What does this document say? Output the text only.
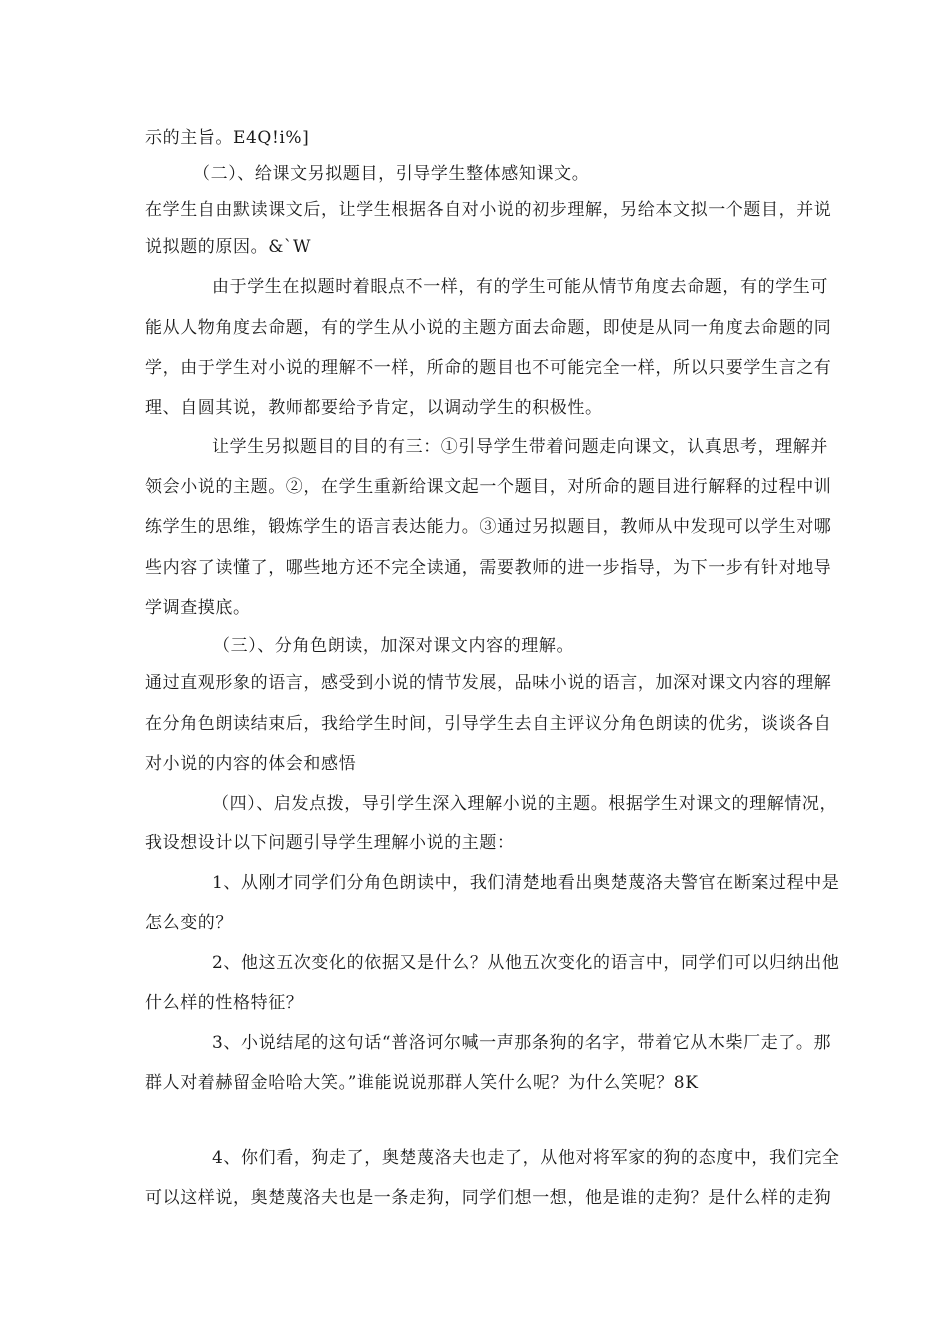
示的主旨。E4Q!i%]
（二）、给课文另拟题目，引导学生整体感知课文。
在学生自由默读课文后，让学生根据各自对小说的初步理解，另给本文拟一个题目，并说
说拟题的原因。&`W
由于学生在拟题时着眼点不一样，有的学生可能从情节角度去命题，有的学生可
能从人物角度去命题，有的学生从小说的主题方面去命题，即使是从同一角度去命题的同
学，由于学生对小说的理解不一样，所命的题目也不可能完全一样，所以只要学生言之有
理、自圆其说，教师都要给予肯定，以调动学生的积极性。
让学生另拟题目的目的有三：①引导学生带着问题走向课文，认真思考，理解并
领会小说的主题。②，在学生重新给课文起一个题目，对所命的题目进行解释的过程中训
练学生的思维，锻炼学生的语言表达能力。③通过另拟题目，教师从中发现可以学生对哪
些内容了读懂了，哪些地方还不完全读通，需要教师的进一步指导，为下一步有针对地导
学调查摸底。
（三）、分角色朗读，加深对课文内容的理解。
通过直观形象的语言，感受到小说的情节发展，品味小说的语言，加深对课文内容的理解
在分角色朗读结束后，我给学生时间，引导学生去自主评议分角色朗读的优劣，谈谈各自
对小说的内容的体会和感悟
（四）、启发点拨，导引学生深入理解小说的主题。根据学生对课文的理解情况，
我设想设计以下问题引导学生理解小说的主题：
1、从刚才同学们分角色朗读中，我们清楚地看出奥楚蔑洛夫警官在断案过程中是
怎么变的？
2、他这五次变化的依据又是什么？从他五次变化的语言中，同学们可以归纳出他
什么样的性格特征？
3、小说结尾的这句话“普洛诃尔喊一声那条狗的名字，带着它从木柴厂走了。那
群人对着赫留金哈哈大笑。”谁能说说那群人笑什么呢？为什么笑呢？8K
4、你们看，狗走了，奥楚蔑洛夫也走了，从他对将军家的狗的态度中，我们完全
可以这样说，奥楚蔑洛夫也是一条走狗，同学们想一想，他是谁的走狗？是什么样的走狗
